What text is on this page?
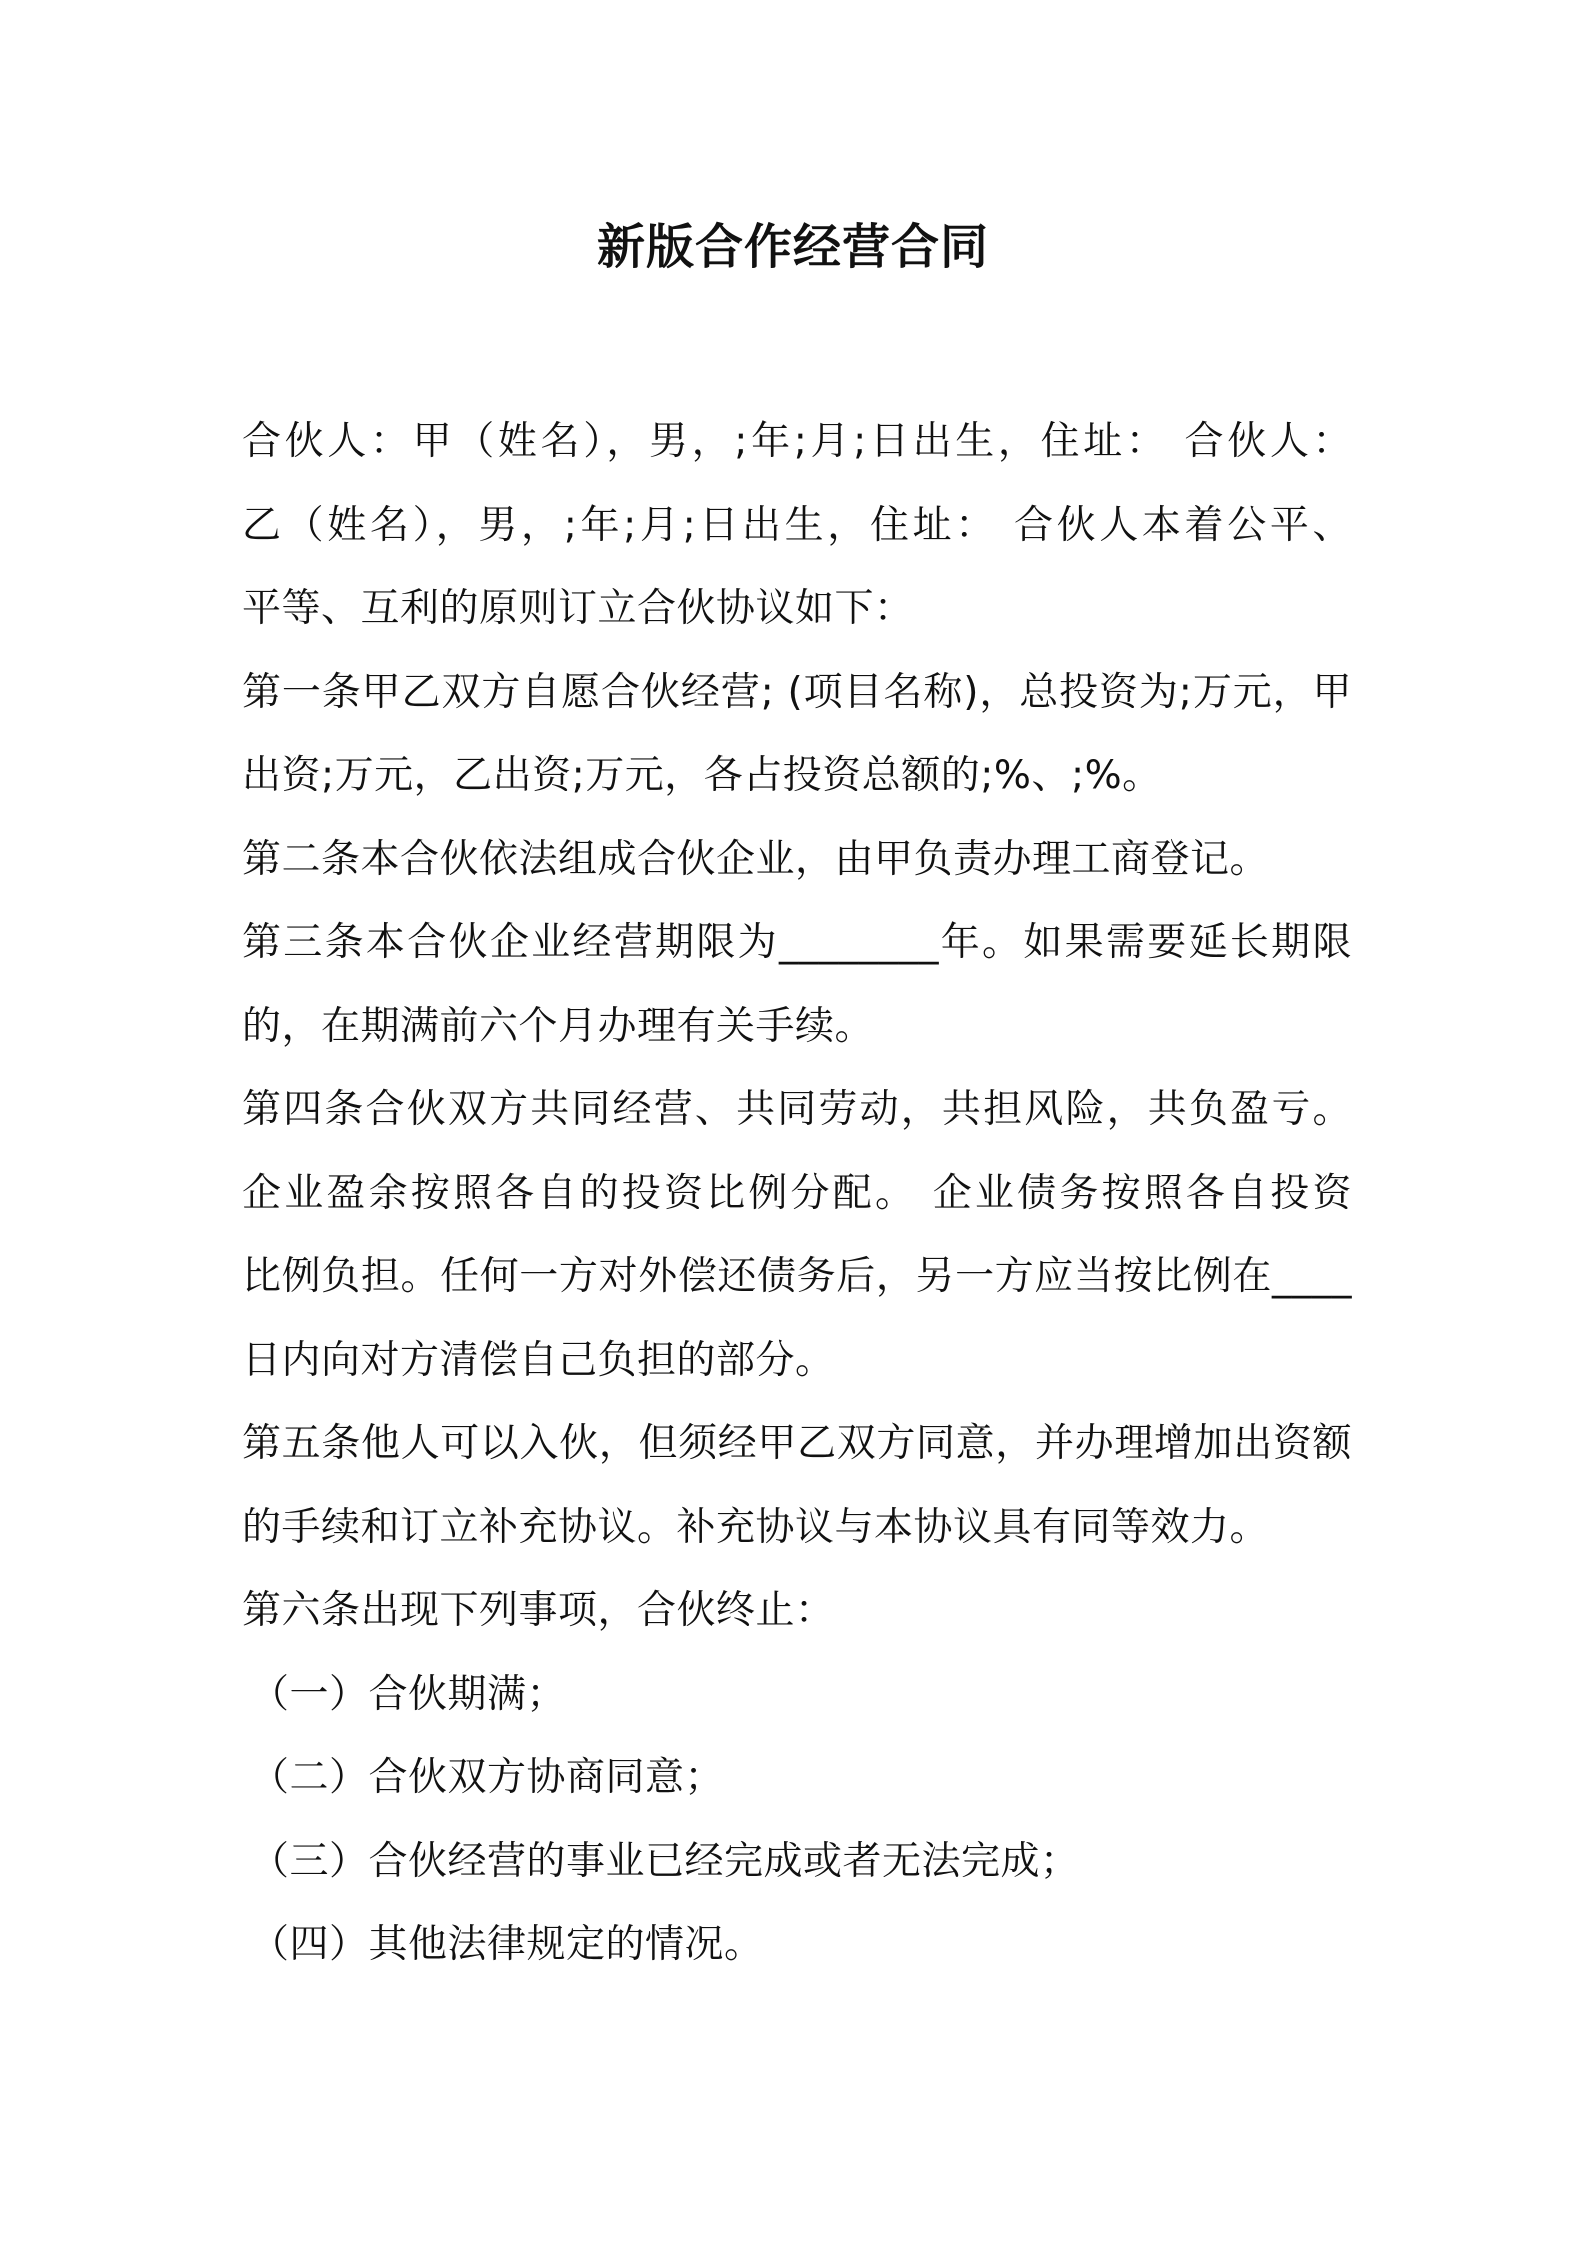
新版合作经营合同
合伙人：甲（姓名），男，;年;月;日出生，住址： 合伙人：
乙（姓名），男，;年;月;日出生，住址： 合伙人本着公平、
平等、互利的原则订立合伙协议如下：
第一条甲乙双方自愿合伙经营; (项目名称)，总投资为;万元，甲
出资;万元，乙出资;万元，各占投资总额的;%、;%。
第二条本合伙依法组成合伙企业，由甲负责办理工商登记。
第三条本合伙企业经营期限为________年。如果需要延长期限
的，在期满前六个月办理有关手续。
第四条合伙双方共同经营、共同劳动，共担风险，共负盈亏。
企业盈余按照各自的投资比例分配。 企业债务按照各自投资
比例负担。任何一方对外偿还债务后，另一方应当按比例在____
日内向对方清偿自己负担的部分。
第五条他人可以入伙，但须经甲乙双方同意，并办理增加出资额
的手续和订立补充协议。补充协议与本协议具有同等效力。
第六条出现下列事项，合伙终止：
（一）合伙期满；
（二）合伙双方协商同意；
（三）合伙经营的事业已经完成或者无法完成；
（四）其他法律规定的情况。
